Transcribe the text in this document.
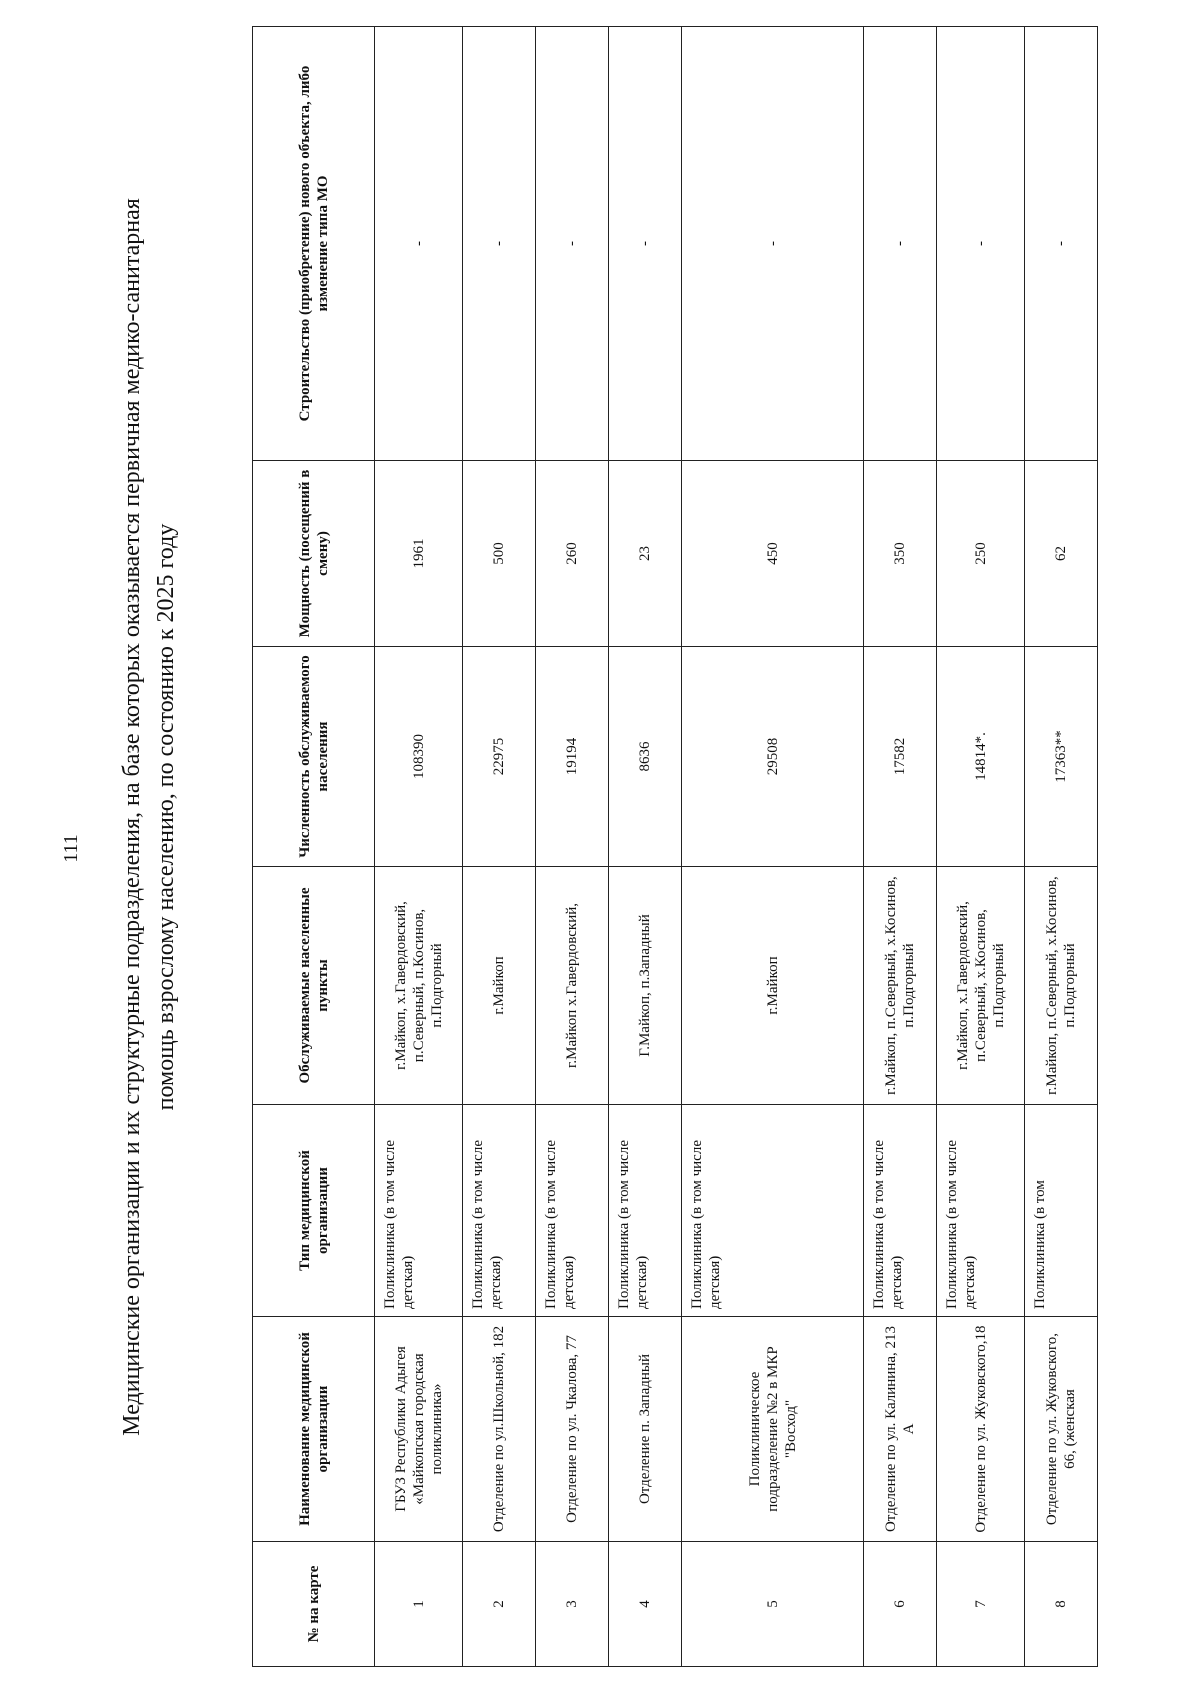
111 Медицинские организации и их структурные подразделения, на базе которых оказывается первичная медико-санитарная помощь взрослому населению, по состоянию к 2025 году
№ на карте	Наименование медицинской организации	Тип медицинской организации	Обслуживаемые населенные пункты	Численность обслуживаемого населения	Мощность (посещений в смену)	Строительство (приобретение) нового объекта, либо изменение типа МО
1	ГБУЗ Республики Адыгея «Майкопская городская поликлиника»	Поликлиника (в том числе детская)	г.Майкоп, х.Гавердовский, п.Северный, п.Косинов, п.Подгорный	108390	1961	-
2	Отделение по ул.Школьной, 182	Поликлиника (в том числе детская)	г.Майкоп	22975	500	-
3	Отделение по ул. Чкалова, 77	Поликлиника (в том числе детская)	г.Майкоп х.Гавердовский,	19194	260	-
4	Отделение п. Западный	Поликлиника (в том числе детская)	Г.Майкоп, п.Западный	8636	23	-
5	Поликлиническое подразделение №2 в МКР "Восход"	Поликлиника (в том числе детская)	г.Майкоп	29508	450	-
6	Отделение по ул. Калинина, 213 А	Поликлиника (в том числе детская)	г.Майкоп, п.Северный, х.Косинов, п.Подгорный	17582	350	-
7	Отделение по ул. Жуковского,18	Поликлиника (в том числе детская)	г.Майкоп, х.Гавердовский, п.Северный, х.Косинов, п.Подгорный	14814*.	250	-
8	Отделение по ул. Жуковского, 66, (женская	Поликлиника (в том	г.Майкоп, п.Северный, х.Косинов, п.Подгорный	17363**	62	-
